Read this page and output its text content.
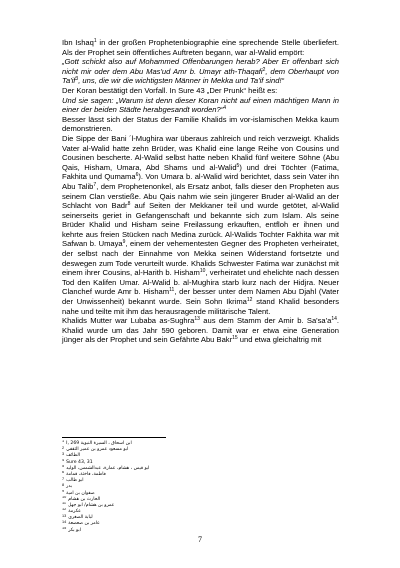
Ibn Ishaq$^1$ in der großen Prophetenbiographie eine sprechende Stelle überliefert. Als der Prophet sein öffentliches Auftreten begann, war al-Walid empört:

„Gott schickt also auf Mohammed Offenbarungen herab? Aber Er offenbart sich nicht mir oder dem Abu Mas'ud Amr b. Umayr ath-Thaqafi$^2$, dem Oberhaupt von $Ta'if^3$, uns, die wir die wichtigsten Männer in Mekka und Ta'if sind!“

Der Koran bestätigt den Vorfall. In Sure 43 „Der Prunk“ heißt es:

Und sie sagen: „Warum ist denn dieser Koran nicht auf einen mächtigen Mann in einer der beiden Städte herabgesandt worden?“$^4$

Besser lässt sich der Status der Familie Khalids im vor-islamischen Mekka kaum demonstrieren.

Die Sippe der Bani ´l-Mughira war überaus zahlreich und reich verzweigt. Khalids Vater al-Walid hatte zehn Brüder, was Khalid eine lange Reihe von Cousins und Cousinen bescherte. Al-Walid selbst hatte neben Khalid fünf weitere Söhne (Abu Qais, Hisham, Umara, Abd Shams und al-Walid$^5$) und drei Töchter (Fatima, Fakhita und Qumama$^6$). Von Umara b. al-Walid wird berichtet, dass sein Vater ihn Abu Talib$^7$, dem Prophetenonkel, als Ersatz anbot, falls dieser den Propheten aus seinem Clan verstieße. Abu Qais nahm wie sein jüngerer Bruder al-Walid an der Schlacht von Badr$^8$ auf Seiten der Mekkaner teil und wurde getötet, al-Walid seinerseits geriet in Gefangenschaft und bekannte sich zum Islam. Als seine Brüder Khalid und Hisham seine Freilassung erkauften, entfloh er ihnen und kehrte aus freien Stücken nach Medina zurück. Al-Walids Tochter Fakhita war mit Safwan b. Umaya$^9$, einem der vehementesten Gegner des Propheten verheiratet, der selbst nach der Einnahme von Mekka seinen Widerstand fortsetzte und deswegen zum Tode verurteilt wurde. Khalids Schwester Fatima war zunächst mit einem ihrer Cousins, al-Harith b. Hisham$^{10}$, verheiratet und ehelichte nach dessen Tod den Kalifen Umar. Al-Walid b. al-Mughira starb kurz nach der Hidjra. Neuer Clanchef wurde Amr b. Hisham$^{11}$, der besser unter dem Namen Abu Djahl (Vater der Unwissenheit) bekannt wurde. Sein Sohn Ikrima$^{12}$ stand Khalid besonders nahe und teilte mit ihm das herausragende militärische Talent.

Khalids Mutter war Lubaba as-Sughra$^{13}$ aus dem Stamm der Amir b. $Sa'sa'a^{14}$. Khalid wurde um das Jahr 590 geboren. Damit war er etwa eine Generation jünger als der Prophet und sein Gefährte Abu Bakr$^{15}$ und etwa gleichaltrig mit

$^1$ I, 269 ابن اسحاق ، السيرة النبوية
$^2$ ابو مسعود عمرو بن عمير الثقفي
$^3$ الطائف
$^4$ Sure 43, 31
$^5$ ابو قيس ، هشام، عمارة، عبدالشمس، الوليد
$^6$ فاطمة، فاخثة، قمامة
$^7$ ابو طالب
$^8$ بدر
$^9$ صفوان بن امية
$^{10}$ الحارث بن هشام
$^{11}$ عمرو بن هشام/ ابو جهل
$^{12}$ عكرمة
$^{13}$ لبابة الصغرى
$^{14}$ عامر بن صعصعة
$^{15}$ ابو بكر
7
